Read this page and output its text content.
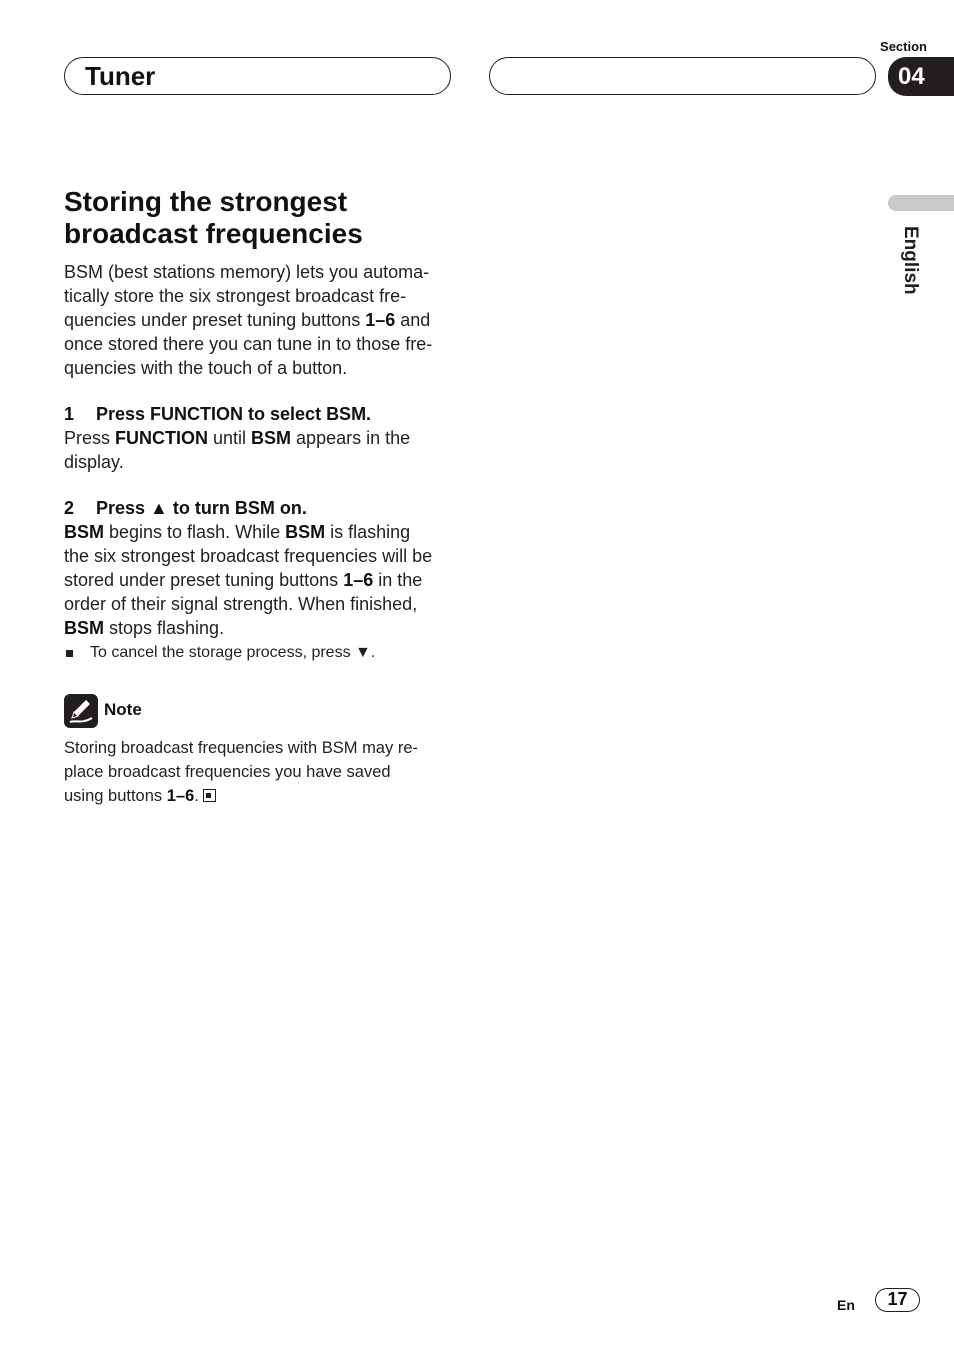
Tuner
Section
04
English
Storing the strongest
broadcast frequencies

BSM (best stations memory) lets you automa-
tically store the six strongest broadcast fre-
quencies under preset tuning buttons 1–6 and
once stored there you can tune in to those fre-
quencies with the touch of a button.

1 Press FUNCTION to select BSM.

Press FUNCTION until BSM appears in the
display.

2 Press ▲ to turn BSM on.

BSM begins to flash. While BSM is flashing
the six strongest broadcast frequencies will be
stored under preset tuning buttons 1–6 in the
order of their signal strength. When finished,
BSM stops flashing.

To cancel the storage process, press ▼.
Note

Storing broadcast frequencies with BSM may re-
place broadcast frequencies you have saved
using buttons 1–6.

En	17
